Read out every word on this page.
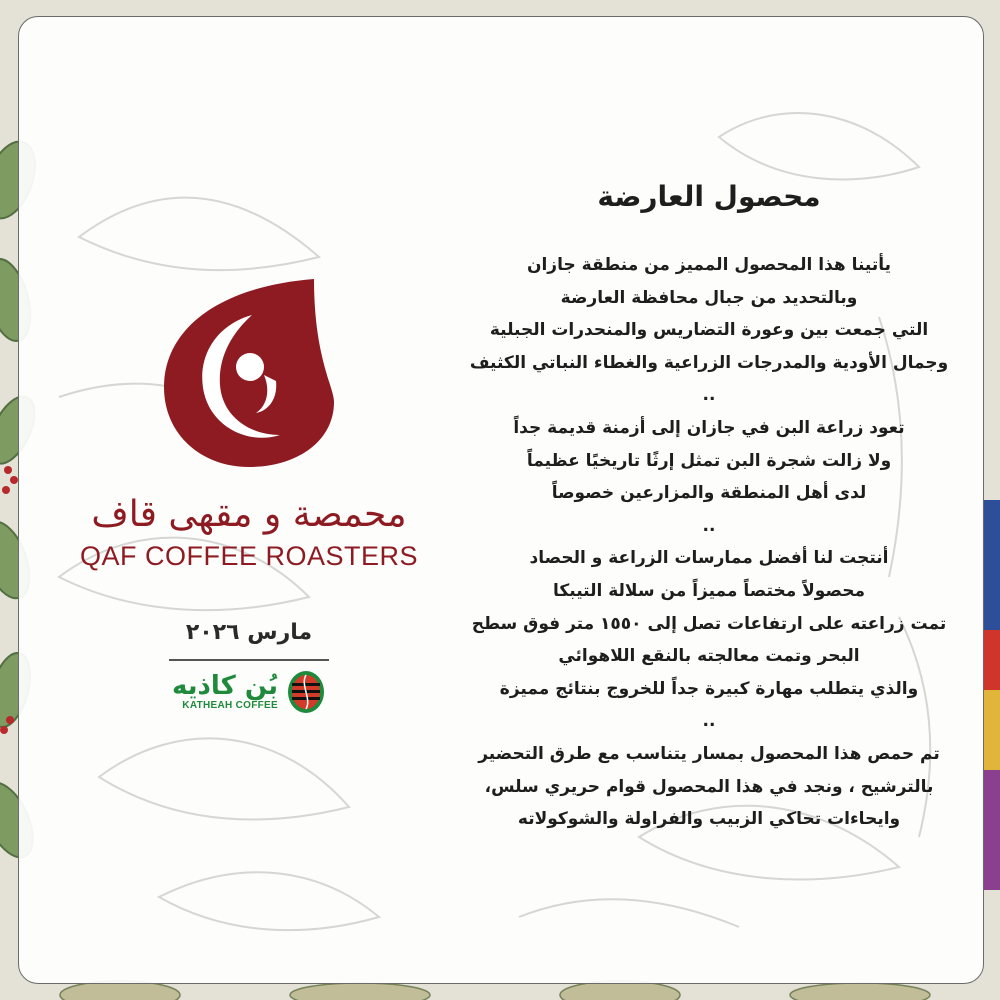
محمصة و مقهى قاف
QAF COFFEE ROASTERS
مارس ٢٠٢٦
بُن كاذيه
KATHEAH COFFEE
محصول العارضة
يأتينا هذا المحصول المميز من منطقة جازان
وبالتحديد من جبال محافظة العارضة
التي جمعت بين وعورة التضاريس والمنحدرات الجبلية
وجمال الأودية والمدرجات الزراعية والغطاء النباتي الكثيف
..
تعود زراعة البن في جازان إلى أزمنة قديمة جداً
ولا زالت شجرة البن تمثل إرثًا تاريخيًا عظيماً
لدى أهل المنطقة والمزارعين خصوصاً
..
أنتجت لنا أفضل ممارسات الزراعة و الحصاد
محصولاً مختصاً مميزاً من سلالة التيبكا
تمت زراعته على ارتفاعات تصل إلى ١٥٥٠ متر فوق سطح
البحر وتمت معالجته بالنقع اللاهوائي
والذي يتطلب مهارة كبيرة جداً للخروج بنتائج مميزة
..
تم حمص هذا المحصول بمسار يتناسب مع طرق التحضير
بالترشيح ، ونجد في هذا المحصول قوام حريري سلس،
وايحاءات تحاكي الزبيب والفراولة والشوكولاته
